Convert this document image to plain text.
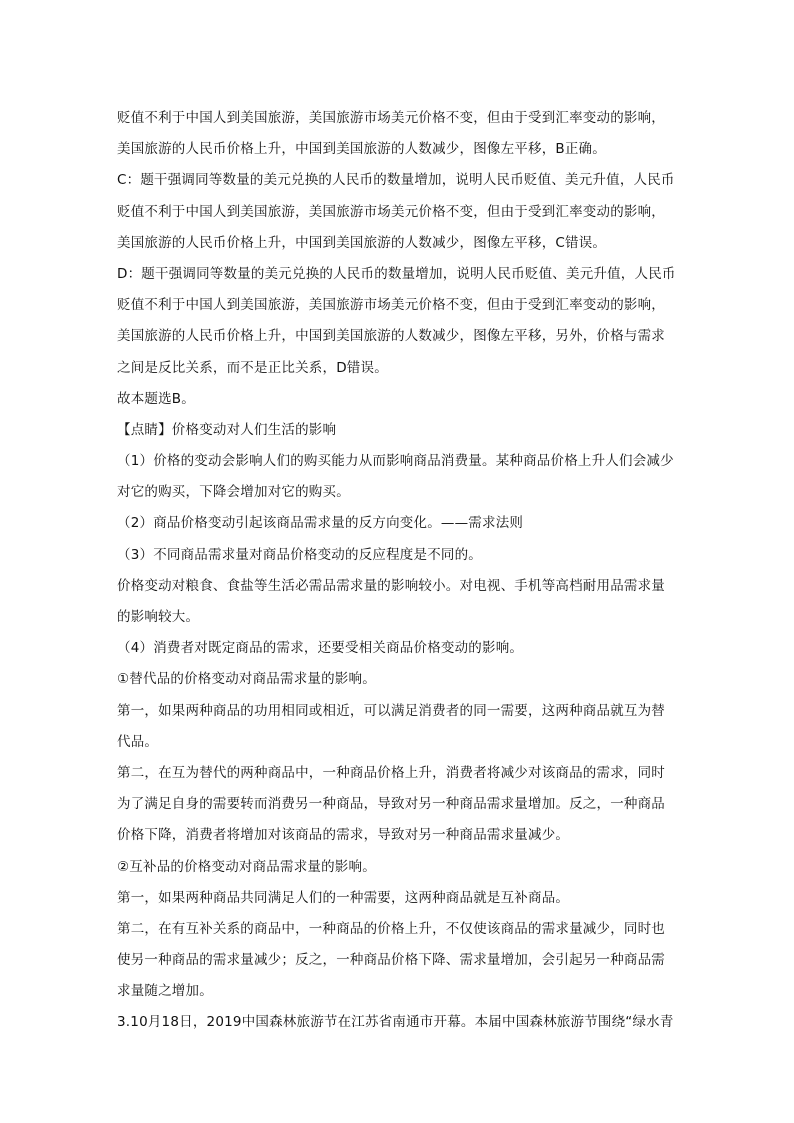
贬值不利于中国人到美国旅游，美国旅游市场美元价格不变，但由于受到汇率变动的影响，
美国旅游的人民币价格上升，中国到美国旅游的人数减少，图像左平移，B正确。
C：题干强调同等数量的美元兑换的人民币的数量增加，说明人民币贬值、美元升值，人民币
贬值不利于中国人到美国旅游，美国旅游市场美元价格不变，但由于受到汇率变动的影响，
美国旅游的人民币价格上升，中国到美国旅游的人数减少，图像左平移，C错误。
D：题干强调同等数量的美元兑换的人民币的数量增加，说明人民币贬值、美元升值，人民币
贬值不利于中国人到美国旅游，美国旅游市场美元价格不变，但由于受到汇率变动的影响，
美国旅游的人民币价格上升，中国到美国旅游的人数减少，图像左平移，另外，价格与需求
之间是反比关系，而不是正比关系，D错误。
故本题选B。
【点睛】价格变动对人们生活的影响
（1）价格的变动会影响人们的购买能力从而影响商品消费量。某种商品价格上升人们会减少
对它的购买，下降会增加对它的购买。
（2）商品价格变动引起该商品需求量的反方向变化。——需求法则
（3）不同商品需求量对商品价格变动的反应程度是不同的。
价格变动对粮食、食盐等生活必需品需求量的影响较小。对电视、手机等高档耐用品需求量
的影响较大。
（4）消费者对既定商品的需求，还要受相关商品价格变动的影响。
①替代品的价格变动对商品需求量的影响。
第一，如果两种商品的功用相同或相近，可以满足消费者的同一需要，这两种商品就互为替
代品。
第二，在互为替代的两种商品中，一种商品价格上升，消费者将减少对该商品的需求，同时
为了满足自身的需要转而消费另一种商品，导致对另一种商品需求量增加。反之，一种商品
价格下降，消费者将增加对该商品的需求，导致对另一种商品需求量减少。
②互补品的价格变动对商品需求量的影响。
第一，如果两种商品共同满足人们的一种需要，这两种商品就是互补商品。
第二，在有互补关系的商品中，一种商品的价格上升，不仅使该商品的需求量减少，同时也
使另一种商品的需求量减少；反之，一种商品价格下降、需求量增加，会引起另一种商品需
求量随之增加。
3.10月18日，2019中国森林旅游节在江苏省南通市开幕。本届中国森林旅游节围绕“绿水青
